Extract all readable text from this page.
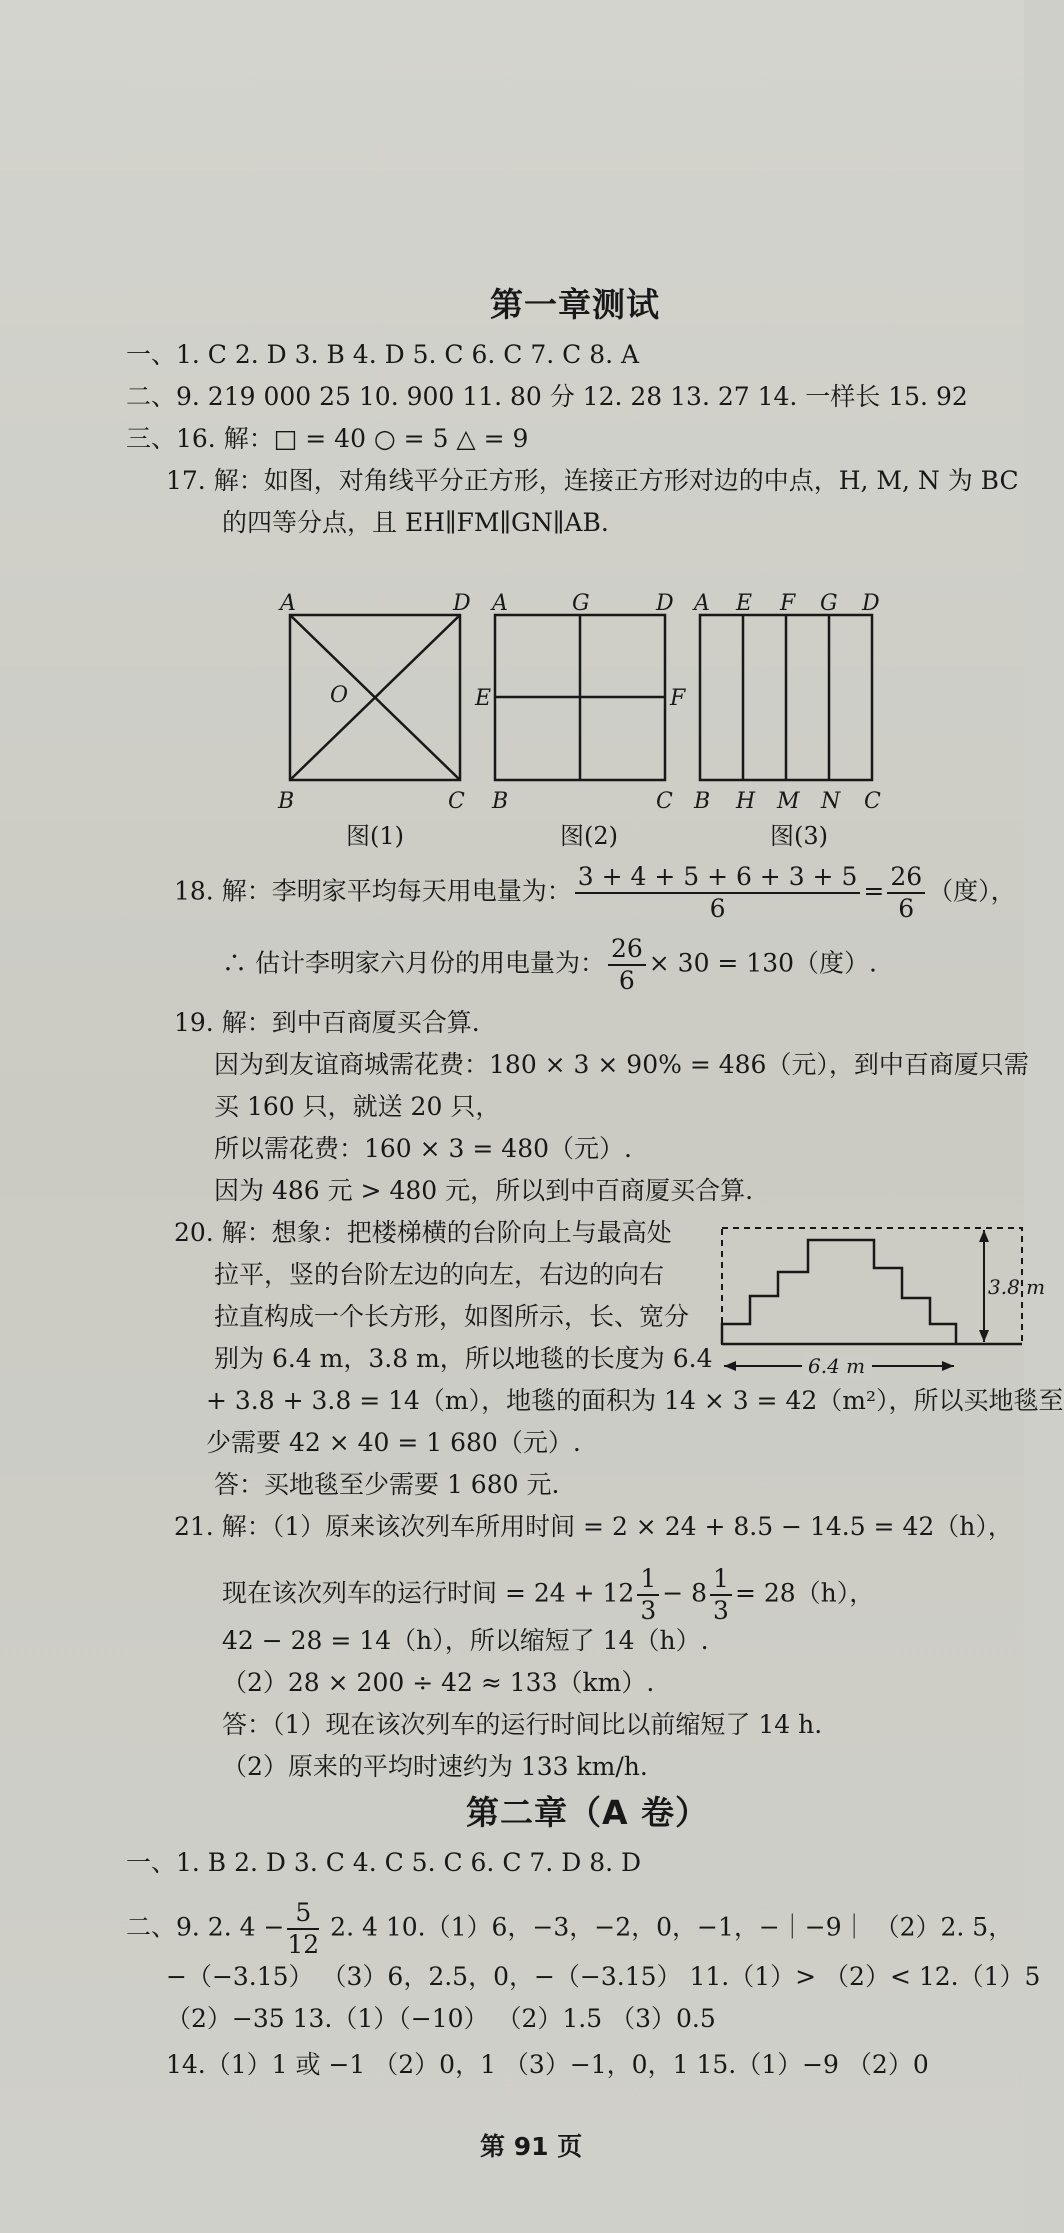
第一章测试
一、1. C 2. D 3. B 4. D 5. C 6. C 7. C 8. A
二、9. 219 000 25 10. 900 11. 80 分 12. 28 13. 27 14. 一样长 15. 92
三、16. 解：□ = 40 ○ = 5 △ = 9
17. 解：如图，对角线平分正方形，连接正方形对边的中点，H, M, N 为 BC
的四等分点，且 EH∥FM∥GN∥AB.
A	D
O
B	C
A	G	D
E	F
B	C
A E F G D
B H M N C
图(1)	图(2)	图(3)
18. 解：李明家平均每天用电量为： $\frac{3 + 4 + 5 + 6 + 3 + 5}{6} = \frac{26}{6}$ （度），
∴ 估计李明家六月份的用电量为： $\frac{26}{6} \times 30 = 130$（度）.
19. 解：到中百商厦买合算.
因为到友谊商城需花费：180 × 3 × 90% = 486（元），到中百商厦只需
买 160 只，就送 20 只，
所以需花费：160 × 3 = 480（元）.
因为 486 元 > 480 元，所以到中百商厦买合算.
20. 解：想象：把楼梯横的台阶向上与最高处
拉平，竖的台阶左边的向左，右边的向右
拉直构成一个长方形，如图所示，长、宽分
别为 6.4 m，3.8 m，所以地毯的长度为 6.4
+ 3.8 + 3.8 = 14（m），地毯的面积为 14 × 3 = 42（m²），所以买地毯至
少需要 42 × 40 = 1 680（元）.
答：买地毯至少需要 1 680 元.
3.8 m
6.4 m
21. 解：（1）原来该次列车所用时间 = 2 × 24 + 8.5 − 14.5 = 42（h），
现在该次列车的运行时间 = $24 + 12 \frac{1}{3} - 8 \frac{1}{3} = 28(h)$，
42 − 28 = 14（h），所以缩短了 14（h）.
（2）28 × 200 ÷ 42 ≈ 133（km）.
答：（1）现在该次列车的运行时间比以前缩短了 14 h.
（2）原来的平均时速约为 133 km/h.
第二章（A 卷）
一、1. B 2. D 3. C 4. C 5. C 6. C 7. D 8. D
二、9. 2. $4 - \frac{5}{12} 2$. 4 10.（1）6，−3，−2，0，−1，−｜−9｜ （2）2. 5，
−（−3.15） （3）6，2.5，0，−（−3.15） 11.（1）> （2）< 12.（1）5
（2）−35 13.（1）（−10） （2）1.5 （3）0.5
14.（1）1 或 −1 （2）0，1 （3）−1，0，1 15.（1）−9 （2）0
第 91 页
